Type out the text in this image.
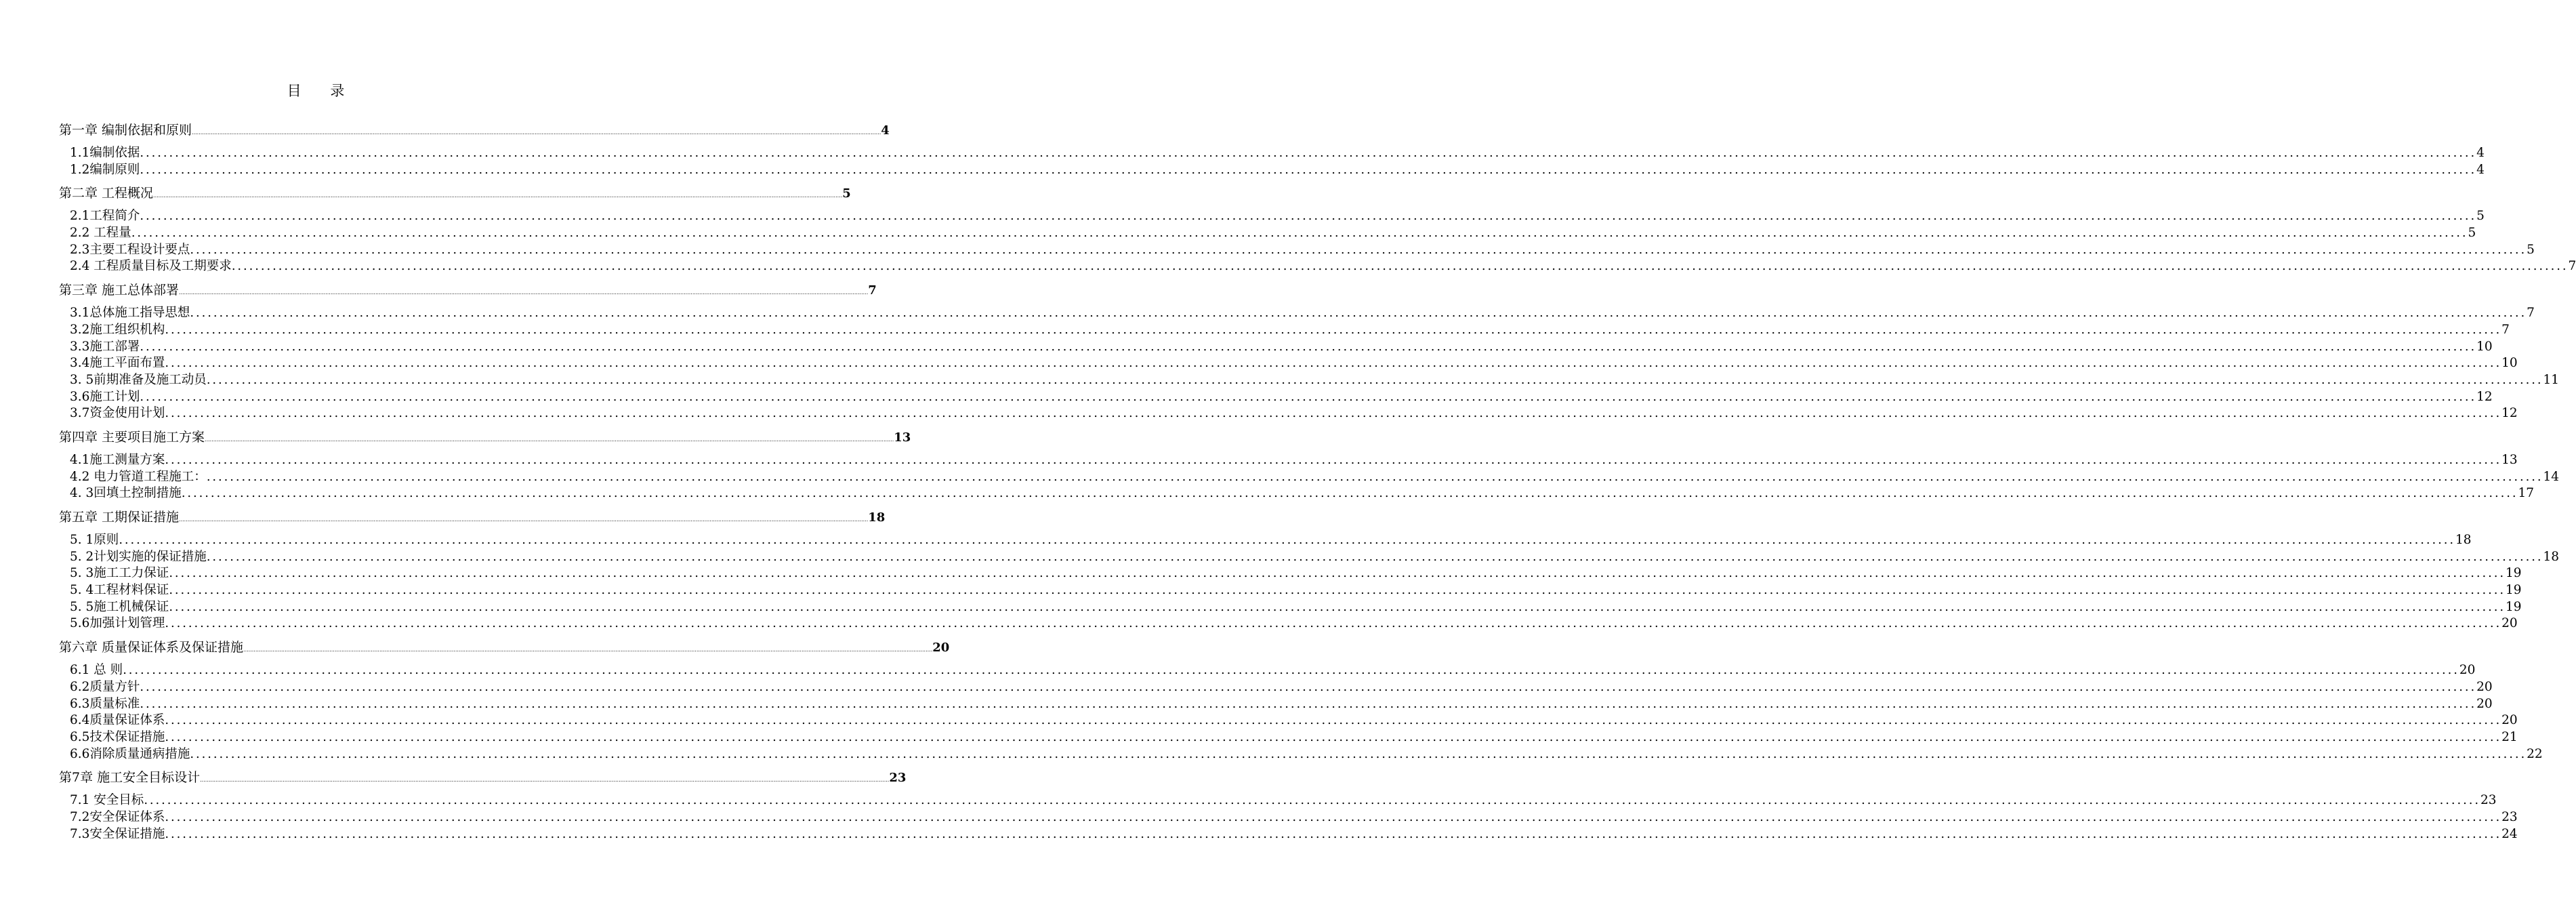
目 录
第一章 编制依据和原则 ................................................................................................................................................................................................................................................................................................................................................................................................................ 4
1.1编制依据 ................................................................................................................................................................................................................................................................................................................................................................................................................ 4
1.2编制原则 ................................................................................................................................................................................................................................................................................................................................................................................................................ 4
第二章 工程概况 ................................................................................................................................................................................................................................................................................................................................................................................................................ 5
2.1工程简介 ................................................................................................................................................................................................................................................................................................................................................................................................................ 5
2.2 工程量 ................................................................................................................................................................................................................................................................................................................................................................................................................ 5
2.3主要工程设计要点 ................................................................................................................................................................................................................................................................................................................................................................................................................ 5
2.4 工程质量目标及工期要求 ................................................................................................................................................................................................................................................................................................................................................................................................................ 7
第三章 施工总体部署 ................................................................................................................................................................................................................................................................................................................................................................................................................ 7
3.1总体施工指导思想 ................................................................................................................................................................................................................................................................................................................................................................................................................ 7
3.2施工组织机构 ................................................................................................................................................................................................................................................................................................................................................................................................................ 7
3.3施工部署 ................................................................................................................................................................................................................................................................................................................................................................................................................ 10
3.4施工平面布置 ................................................................................................................................................................................................................................................................................................................................................................................................................ 10
3. 5前期准备及施工动员 ................................................................................................................................................................................................................................................................................................................................................................................................................ 11
3.6施工计划 ................................................................................................................................................................................................................................................................................................................................................................................................................ 12
3.7资金使用计划 ................................................................................................................................................................................................................................................................................................................................................................................................................ 12
第四章 主要项目施工方案 ................................................................................................................................................................................................................................................................................................................................................................................................................ 13
4.1施工测量方案 ................................................................................................................................................................................................................................................................................................................................................................................................................ 13
4.2 电力管道工程施工： ................................................................................................................................................................................................................................................................................................................................................................................................................ 14
4. 3回填土控制措施 ................................................................................................................................................................................................................................................................................................................................................................................................................ 17
第五章 工期保证措施 ................................................................................................................................................................................................................................................................................................................................................................................................................ 18
5. 1原则 ................................................................................................................................................................................................................................................................................................................................................................................................................ 18
5. 2计划实施的保证措施 ................................................................................................................................................................................................................................................................................................................................................................................................................ 18
5. 3施工工力保证 ................................................................................................................................................................................................................................................................................................................................................................................................................ 19
5. 4工程材料保证 ................................................................................................................................................................................................................................................................................................................................................................................................................ 19
5. 5施工机械保证 ................................................................................................................................................................................................................................................................................................................................................................................................................ 19
5.6加强计划管理 ................................................................................................................................................................................................................................................................................................................................................................................................................ 20
第六章 质量保证体系及保证措施 ................................................................................................................................................................................................................................................................................................................................................................................................................ 20
6.1 总 则 ................................................................................................................................................................................................................................................................................................................................................................................................................ 20
6.2质量方针 ................................................................................................................................................................................................................................................................................................................................................................................................................ 20
6.3质量标准 ................................................................................................................................................................................................................................................................................................................................................................................................................ 20
6.4质量保证体系 ................................................................................................................................................................................................................................................................................................................................................................................................................ 20
6.5技术保证措施 ................................................................................................................................................................................................................................................................................................................................................................................................................ 21
6.6消除质量通病措施 ................................................................................................................................................................................................................................................................................................................................................................................................................ 22
第7章 施工安全目标设计 ................................................................................................................................................................................................................................................................................................................................................................................................................ 23
7.1 安全目标 ................................................................................................................................................................................................................................................................................................................................................................................................................ 23
7.2安全保证体系 ................................................................................................................................................................................................................................................................................................................................................................................................................ 23
7.3安全保证措施 ................................................................................................................................................................................................................................................................................................................................................................................................................ 24
